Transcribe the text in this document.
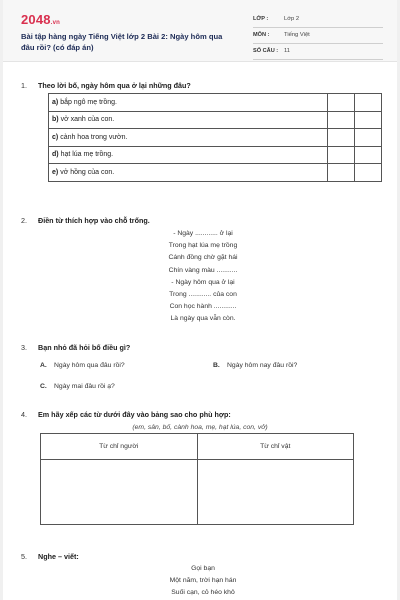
2048.vn
Bài tập hàng ngày Tiếng Việt lớp 2 Bài 2: Ngày hôm qua đâu rồi? (có đáp án)
LỚP :	Lớp 2
MÔN :	Tiếng Việt
SỐ CÂU : 11
1. Theo lời bố, ngày hôm qua ở lại những đâu?
a) bắp ngô mẹ trồng.		
b) vở xanh của con.		
c) cành hoa trong vườn.		
d) hạt lúa mẹ trồng.		
e) vở hồng của con.		
2. Điền từ thích hợp vào chỗ trống.
- Ngày ............ ở lại
Trong hạt lúa mẹ trồng
Cánh đồng chờ gặt hái
Chín vàng màu ...........
- Ngày hôm qua ở lại
Trong ............ của con
Con học hành ............
Là ngày qua vẫn còn.
3. Bạn nhỏ đã hỏi bố điều gì?
A. Ngày hôm qua đâu rồi?	B. Ngày hôm nay đâu rồi?
C. Ngày mai đâu rồi ạ?
4. Em hãy xếp các từ dưới đây vào bảng sao cho phù hợp:
(em, sân, bố, cành hoa, mẹ, hạt lúa, con, vở)
Từ chỉ người	Từ chỉ vật

5. Nghe – viết:
Gọi bạn
Một năm, trời hạn hán
Suối cạn, cỏ héo khô
